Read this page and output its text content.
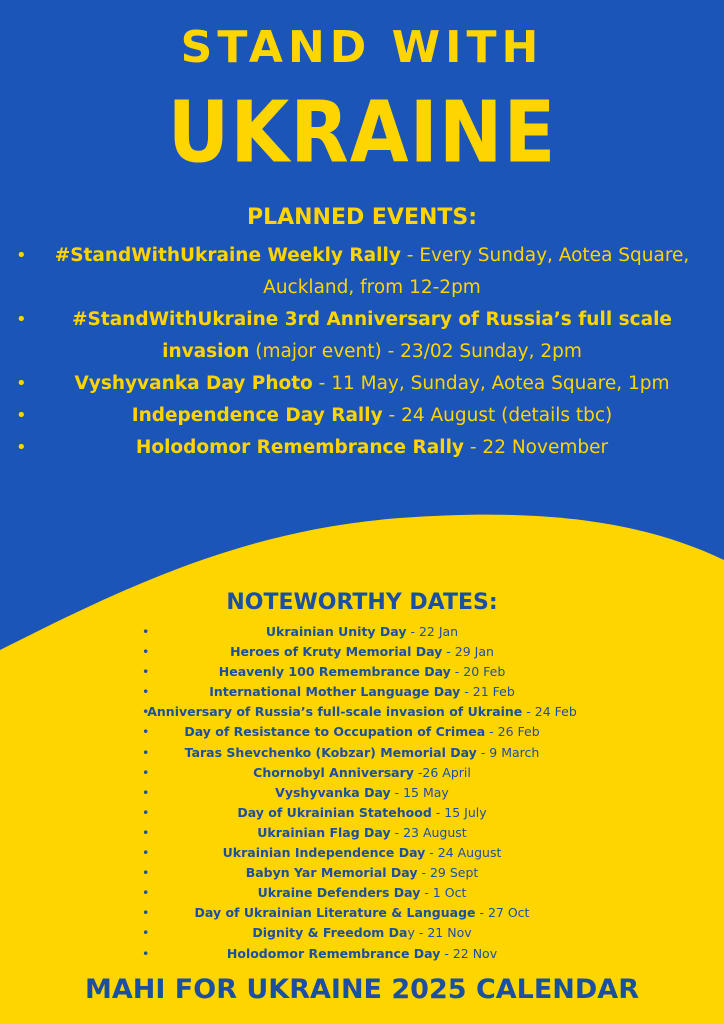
STAND WITH
UKRAINE
PLANNED EVENTS:
• #StandWithUkraine Weekly Rally - Every Sunday, Aotea Square, Auckland, from 12-2pm
• #StandWithUkraine 3rd Anniversary of Russia’s full scale invasion (major event) - 23/02 Sunday, 2pm
•	Vyshyvanka Day Photo - 11 May, Sunday, Aotea Square, 1pm
•	Independence Day Rally - 24 August (details tbc)
•	Holodomor Remembrance Rally - 22 November
NOTEWORTHY DATES:
•	Ukrainian Unity Day - 22 Jan
•	Heroes of Kruty Memorial Day - 29 Jan
•	Heavenly 100 Remembrance Day - 20 Feb
•	International Mother Language Day - 21 Feb
•
Anniversary of Russia’s full-scale invasion of Ukraine - 24 Feb
•	Day of Resistance to Occupation of Crimea - 26 Feb
•	Taras Shevchenko (Kobzar) Memorial Day - 9 March
•	Chornobyl Anniversary -26 April
•	Vyshyvanka Day - 15 May
•	Day of Ukrainian Statehood - 15 July
•	Ukrainian Flag Day - 23 August
•	Ukrainian Independence Day - 24 August
•	Babyn Yar Memorial Day - 29 Sept
•	Ukraine Defenders Day - 1 Oct
•	Day of Ukrainian Literature & Language - 27 Oct
•	Dignity & Freedom Day - 21 Nov
•	Holodomor Remembrance Day - 22 Nov
MAHI FOR UKRAINE 2025 CALENDAR
